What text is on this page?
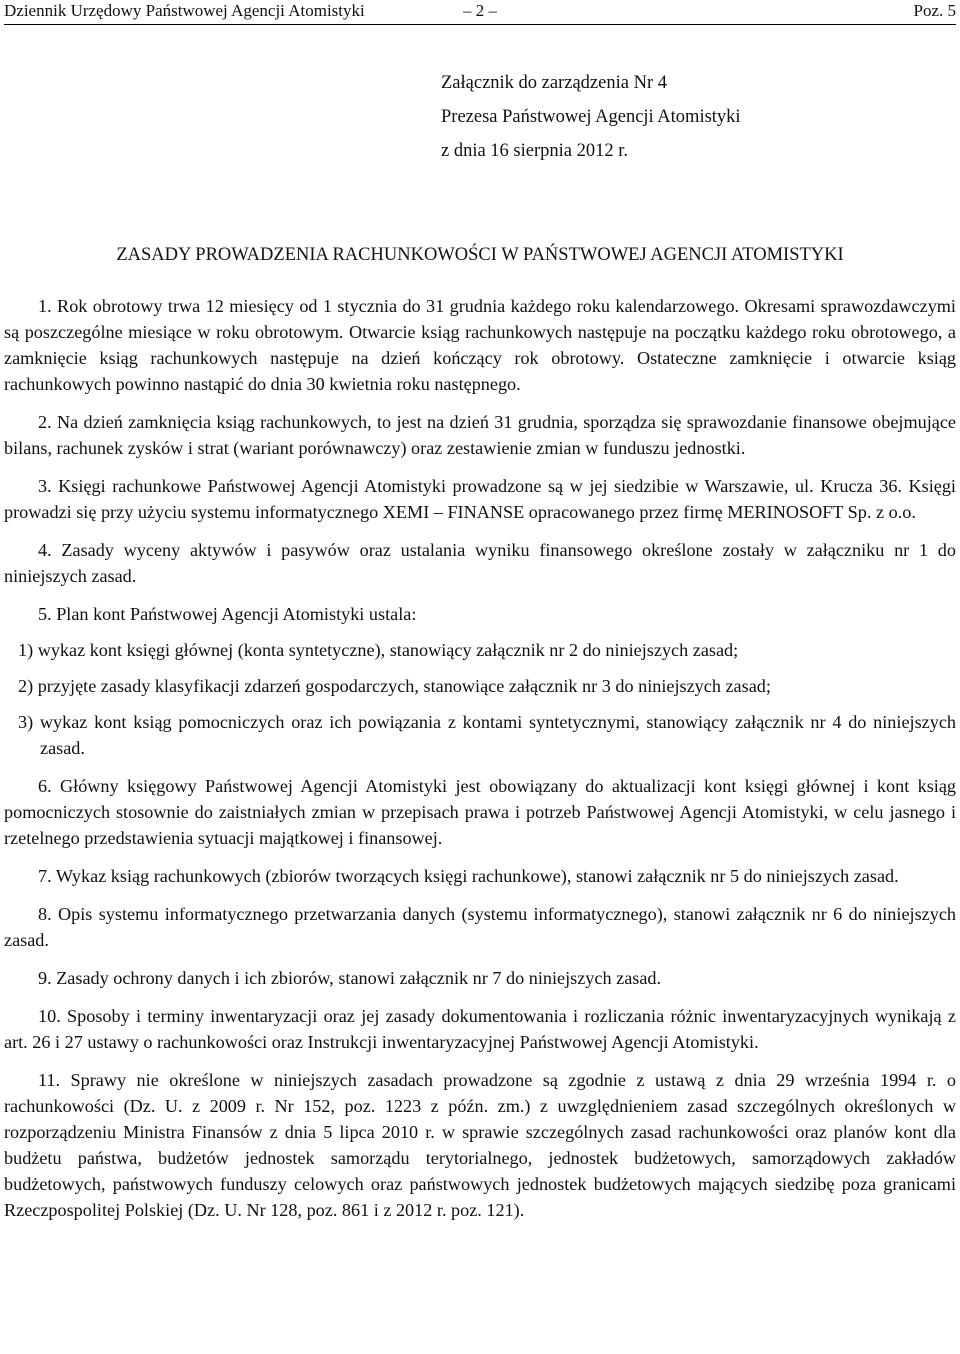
Dziennik Urzędowy Państwowej Agencji Atomistyki	– 2 –	Poz. 5
Załącznik do zarządzenia Nr 4
Prezesa Państwowej Agencji Atomistyki
z dnia 16 sierpnia 2012 r.
ZASADY PROWADZENIA RACHUNKOWOŚCI W PAŃSTWOWEJ AGENCJI ATOMISTYKI

1. Rok obrotowy trwa 12 miesięcy od 1 stycznia do 31 grudnia każdego roku kalendarzowego. Okresami sprawozdawczymi są poszczególne miesiące w roku obrotowym. Otwarcie ksiąg rachunkowych następuje na początku każdego roku obrotowego, a zamknięcie ksiąg rachunkowych następuje na dzień kończący rok obrotowy. Ostateczne zamknięcie i otwarcie ksiąg rachunkowych powinno nastąpić do dnia 30 kwietnia roku następnego.

2. Na dzień zamknięcia ksiąg rachunkowych, to jest na dzień 31 grudnia, sporządza się sprawozdanie finansowe obejmujące bilans, rachunek zysków i strat (wariant porównawczy) oraz zestawienie zmian w funduszu jednostki.

3. Księgi rachunkowe Państwowej Agencji Atomistyki prowadzone są w jej siedzibie w Warszawie, ul. Krucza 36. Księgi prowadzi się przy użyciu systemu informatycznego XEMI – FINANSE opracowanego przez firmę MERINOSOFT Sp. z o.o.

4. Zasady wyceny aktywów i pasywów oraz ustalania wyniku finansowego określone zostały w załączniku nr 1 do niniejszych zasad.

5. Plan kont Państwowej Agencji Atomistyki ustala:

1) wykaz kont księgi głównej (konta syntetyczne), stanowiący załącznik nr 2 do niniejszych zasad;

2) przyjęte zasady klasyfikacji zdarzeń gospodarczych, stanowiące załącznik nr 3 do niniejszych zasad;

3) wykaz kont ksiąg pomocniczych oraz ich powiązania z kontami syntetycznymi, stanowiący załącznik nr 4 do niniejszych zasad.

6. Główny księgowy Państwowej Agencji Atomistyki jest obowiązany do aktualizacji kont księgi głównej i kont ksiąg pomocniczych stosownie do zaistniałych zmian w przepisach prawa i potrzeb Państwowej Agencji Atomistyki, w celu jasnego i rzetelnego przedstawienia sytuacji majątkowej i finansowej.

7. Wykaz ksiąg rachunkowych (zbiorów tworzących księgi rachunkowe), stanowi załącznik nr 5 do niniejszych zasad.

8. Opis systemu informatycznego przetwarzania danych (systemu informatycznego), stanowi załącznik nr 6 do niniejszych zasad.

9. Zasady ochrony danych i ich zbiorów, stanowi załącznik nr 7 do niniejszych zasad.

10. Sposoby i terminy inwentaryzacji oraz jej zasady dokumentowania i rozliczania różnic inwentaryzacyjnych wynikają z art. 26 i 27 ustawy o rachunkowości oraz Instrukcji inwentaryzacyjnej Państwowej Agencji Atomistyki.

11. Sprawy nie określone w niniejszych zasadach prowadzone są zgodnie z ustawą z dnia 29 września 1994 r. o rachunkowości (Dz. U. z 2009 r. Nr 152, poz. 1223 z późn. zm.) z uwzględnieniem zasad szczególnych określonych w rozporządzeniu Ministra Finansów z dnia 5 lipca 2010 r. w sprawie szczególnych zasad rachunkowości oraz planów kont dla budżetu państwa, budżetów jednostek samorządu terytorialnego, jednostek budżetowych, samorządowych zakładów budżetowych, państwowych funduszy celowych oraz państwowych jednostek budżetowych mających siedzibę poza granicami Rzeczpospolitej Polskiej (Dz. U. Nr 128, poz. 861 i z 2012 r. poz. 121).
